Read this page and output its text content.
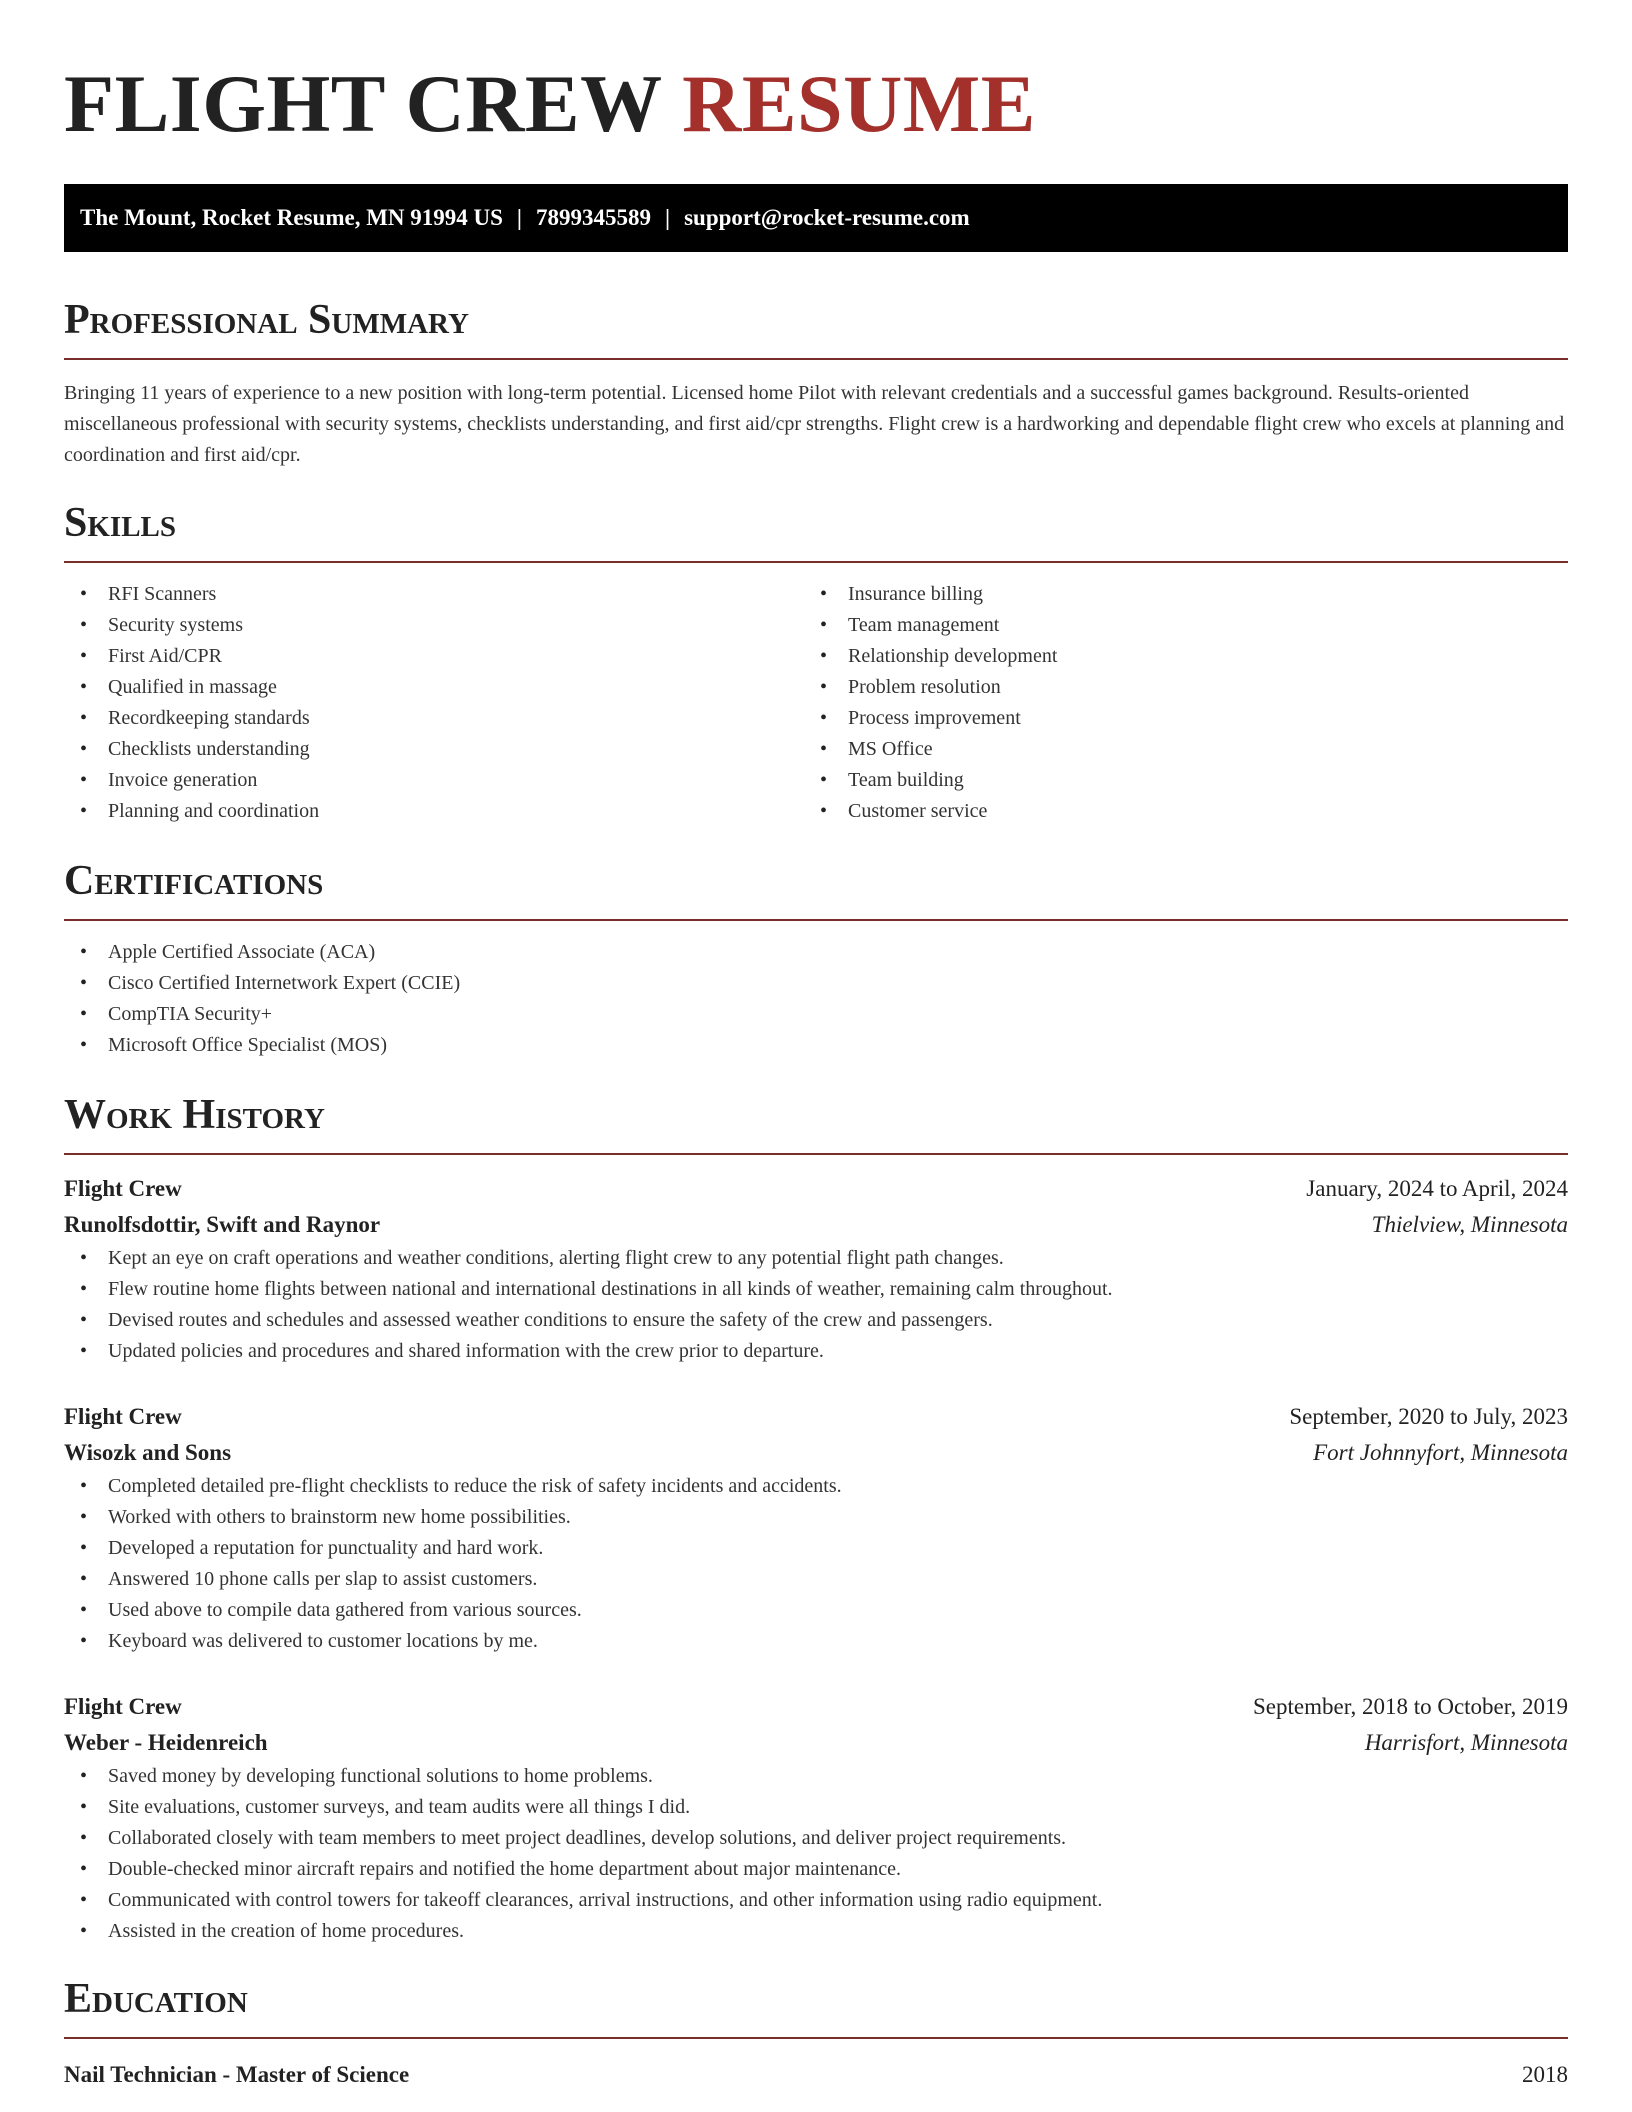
FLIGHT CREW RESUME
The Mount, Rocket Resume, MN 91994 US | 7899345589 | support@rocket-resume.com
Professional Summary

Bringing 11 years of experience to a new position with long-term potential. Licensed home Pilot with relevant credentials and a successful games background. Results-oriented miscellaneous professional with security systems, checklists understanding, and first aid/cpr strengths. Flight crew is a hardworking and dependable flight crew who excels at planning and coordination and first aid/cpr.

Skills
• RFI Scanners
• Security systems
• First Aid/CPR
• Qualified in massage
• Recordkeeping standards
• Checklists understanding
• Invoice generation
• Planning and coordination
• Insurance billing
• Team management
• Relationship development
• Problem resolution
• Process improvement
• MS Office
• Team building
• Customer service
Certifications
• Apple Certified Associate (ACA)
• Cisco Certified Internetwork Expert (CCIE)
• CompTIA Security+
• Microsoft Office Specialist (MOS)
Work History
Flight Crew	January, 2024 to April, 2024
Runolfsdottir, Swift and Raynor	Thielview, Minnesota
• Kept an eye on craft operations and weather conditions, alerting flight crew to any potential flight path changes.
• Flew routine home flights between national and international destinations in all kinds of weather, remaining calm throughout.
• Devised routes and schedules and assessed weather conditions to ensure the safety of the crew and passengers.
• Updated policies and procedures and shared information with the crew prior to departure.
Flight Crew	September, 2020 to July, 2023
Wisozk and Sons	Fort Johnnyfort, Minnesota
• Completed detailed pre-flight checklists to reduce the risk of safety incidents and accidents.
• Worked with others to brainstorm new home possibilities.
• Developed a reputation for punctuality and hard work.
• Answered 10 phone calls per slap to assist customers.
• Used above to compile data gathered from various sources.
• Keyboard was delivered to customer locations by me.
Flight Crew	September, 2018 to October, 2019
Weber - Heidenreich	Harrisfort, Minnesota
• Saved money by developing functional solutions to home problems.
• Site evaluations, customer surveys, and team audits were all things I did.
• Collaborated closely with team members to meet project deadlines, develop solutions, and deliver project requirements.
• Double-checked minor aircraft repairs and notified the home department about major maintenance.
• Communicated with control towers for takeoff clearances, arrival instructions, and other information using radio equipment.
• Assisted in the creation of home procedures.
Education
Nail Technician - Master of Science	2018
